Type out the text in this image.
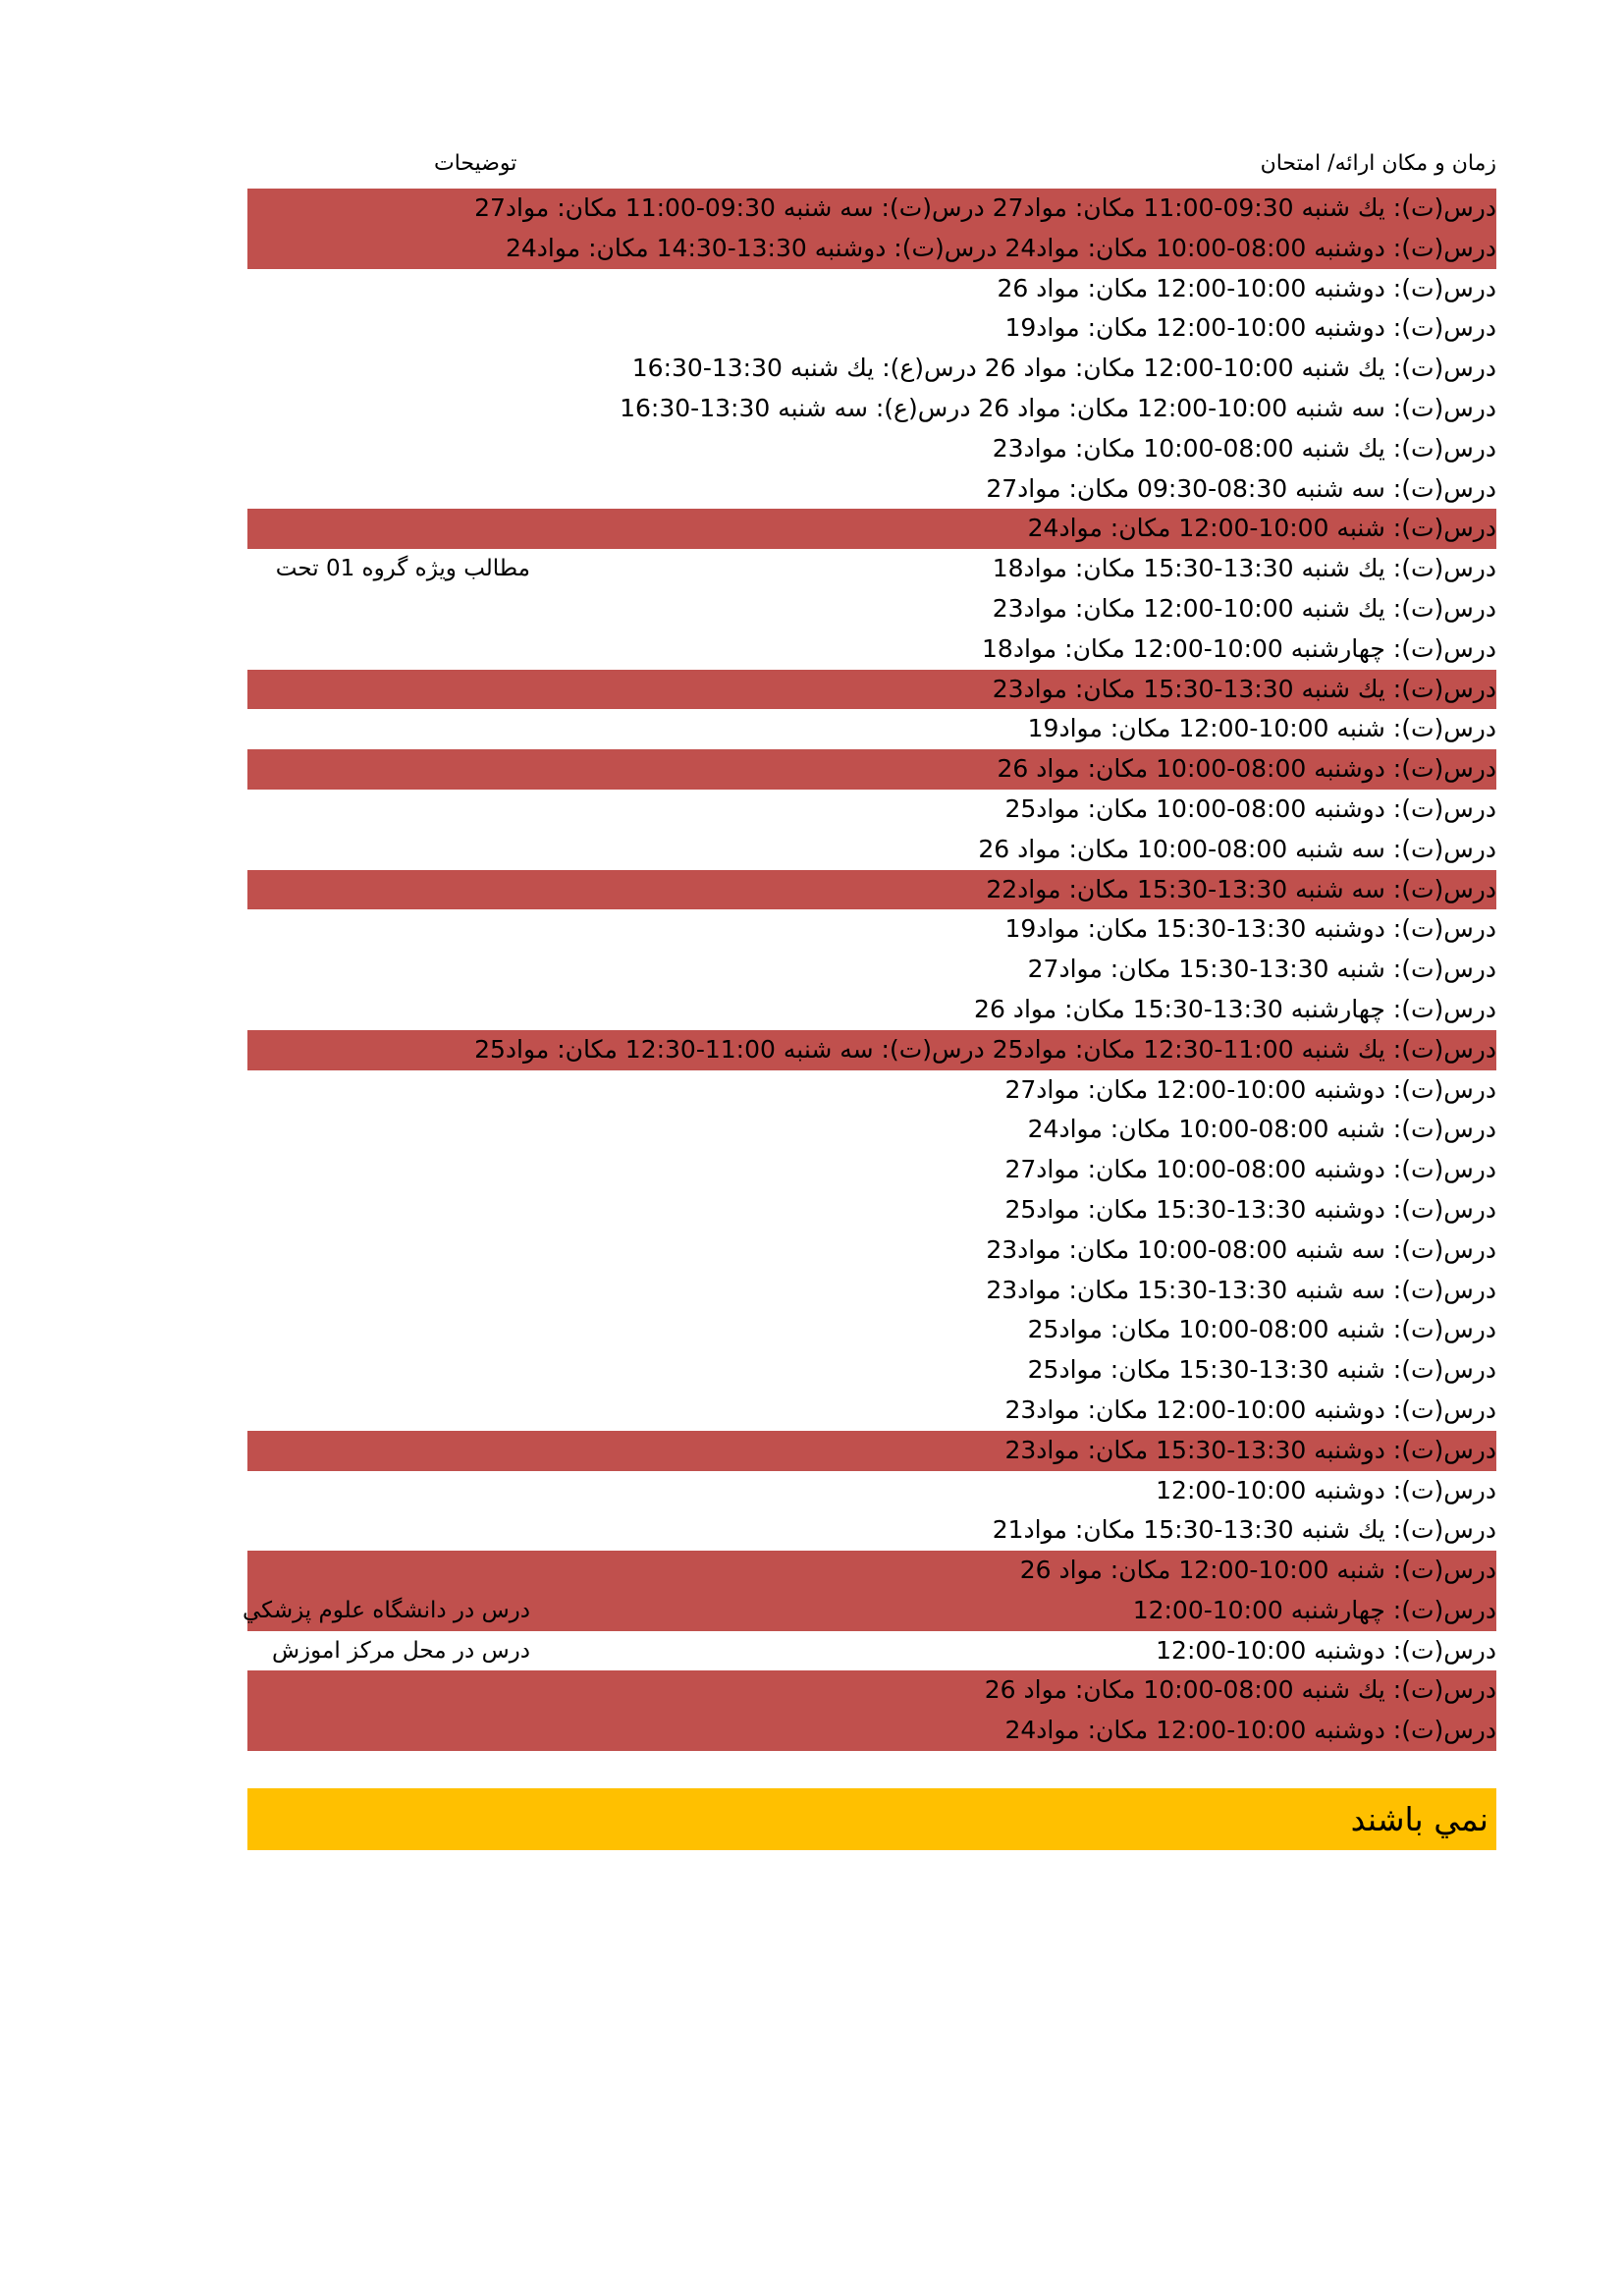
زمان و مكان ارائه/ امتحان
توضيحات
درس(ت): يك شنبه 09:30-11:00 مكان: مواد27 درس(ت): سه شنبه 09:30-11:00 مكان: مواد27
درس(ت): دوشنبه 08:00-10:00 مكان: مواد24 درس(ت): دوشنبه 13:30-14:30 مكان: مواد24
درس(ت): دوشنبه 10:00-12:00 مكان: مواد 26
درس(ت): دوشنبه 10:00-12:00 مكان: مواد19
درس(ت): يك شنبه 10:00-12:00 مكان: مواد 26 درس(ع): يك شنبه 13:30-16:30
درس(ت): سه شنبه 10:00-12:00 مكان: مواد 26 درس(ع): سه شنبه 13:30-16:30
درس(ت): يك شنبه 08:00-10:00 مكان: مواد23
درس(ت): سه شنبه 08:30-09:30 مكان: مواد27
درس(ت): شنبه 10:00-12:00 مكان: مواد24
درس(ت): يك شنبه 13:30-15:30 مكان: مواد18
مطالب ويژه گروه 01 تحت
درس(ت): يك شنبه 10:00-12:00 مكان: مواد23
درس(ت): چهارشنبه 10:00-12:00 مكان: مواد18
درس(ت): يك شنبه 13:30-15:30 مكان: مواد23
درس(ت): شنبه 10:00-12:00 مكان: مواد19
درس(ت): دوشنبه 08:00-10:00 مكان: مواد 26
درس(ت): دوشنبه 08:00-10:00 مكان: مواد25
درس(ت): سه شنبه 08:00-10:00 مكان: مواد 26
درس(ت): سه شنبه 13:30-15:30 مكان: مواد22
درس(ت): دوشنبه 13:30-15:30 مكان: مواد19
درس(ت): شنبه 13:30-15:30 مكان: مواد27
درس(ت): چهارشنبه 13:30-15:30 مكان: مواد 26
درس(ت): يك شنبه 11:00-12:30 مكان: مواد25 درس(ت): سه شنبه 11:00-12:30 مكان: مواد25
درس(ت): دوشنبه 10:00-12:00 مكان: مواد27
درس(ت): شنبه 08:00-10:00 مكان: مواد24
درس(ت): دوشنبه 08:00-10:00 مكان: مواد27
درس(ت): دوشنبه 13:30-15:30 مكان: مواد25
درس(ت): سه شنبه 08:00-10:00 مكان: مواد23
درس(ت): سه شنبه 13:30-15:30 مكان: مواد23
درس(ت): شنبه 08:00-10:00 مكان: مواد25
درس(ت): شنبه 13:30-15:30 مكان: مواد25
درس(ت): دوشنبه 10:00-12:00 مكان: مواد23
درس(ت): دوشنبه 13:30-15:30 مكان: مواد23
درس(ت): دوشنبه 10:00-12:00
درس(ت): يك شنبه 13:30-15:30 مكان: مواد21
درس(ت): شنبه 10:00-12:00 مكان: مواد 26
درس(ت): چهارشنبه 10:00-12:00
درس در دانشگاه علوم پزشكي
درس(ت): دوشنبه 10:00-12:00
درس در محل مركز اموزش
درس(ت): يك شنبه 08:00-10:00 مكان: مواد 26
درس(ت): دوشنبه 10:00-12:00 مكان: مواد24
نمي باشند
